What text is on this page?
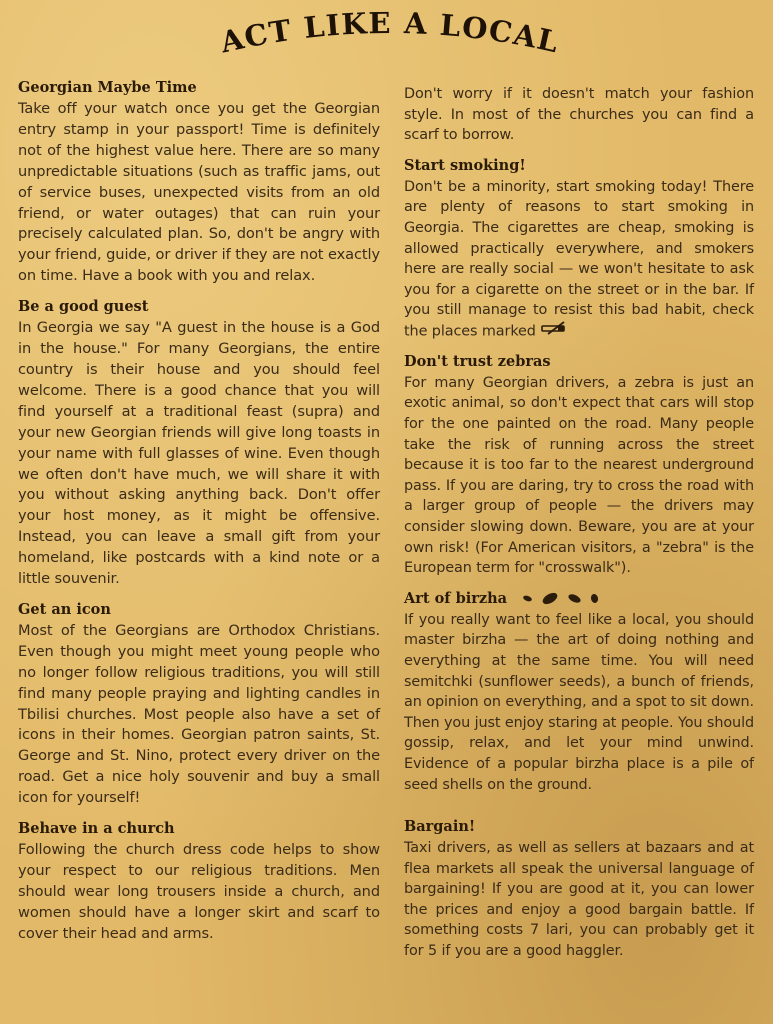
ACT LIKE A LOCAL
Georgian Maybe Time

Take off your watch once you get the Georgian entry stamp in your passport! Time is definitely not of the highest value here. There are so many unpredictable situations (such as traffic jams, out of service buses, unexpected visits from an old friend, or water outages) that can ruin your precisely calculated plan. So, don't be angry with your friend, guide, or driver if they are not exactly on time. Have a book with you and relax.

Be a good guest

In Georgia we say "A guest in the house is a God in the house." For many Georgians, the entire country is their house and you should feel welcome. There is a good chance that you will find yourself at a traditional feast (supra) and your new Georgian friends will give long toasts in your name with full glasses of wine. Even though we often don't have much, we will share it with you without asking anything back. Don't offer your host money, as it might be offensive. Instead, you can leave a small gift from your homeland, like postcards with a kind note or a little souvenir.

Get an icon

Most of the Georgians are Orthodox Christians. Even though you might meet young people who no longer follow religious traditions, you will still find many people praying and lighting candles in Tbilisi churches. Most people also have a set of icons in their homes. Georgian patron saints, St. George and St. Nino, protect every driver on the road. Get a nice holy souvenir and buy a small icon for yourself!

Behave in a church

Following the church dress code helps to show your respect to our religious traditions. Men should wear long trousers inside a church, and women should have a longer skirt and scarf to cover their head and arms.

Don't worry if it doesn't match your fashion style. In most of the churches you can find a scarf to borrow.

Start smoking!

Don't be a minority, start smoking today! There are plenty of reasons to start smoking in Georgia. The cigarettes are cheap, smoking is allowed practically everywhere, and smokers here are really social — we won't hesitate to ask you for a cigarette on the street or in the bar. If you still manage to resist this bad habit, check the places marked

Don't trust zebras

For many Georgian drivers, a zebra is just an exotic animal, so don't expect that cars will stop for the one painted on the road. Many people take the risk of running across the street because it is too far to the nearest underground pass. If you are daring, try to cross the road with a larger group of people — the drivers may consider slowing down. Beware, you are at your own risk! (For American visitors, a "zebra" is the European term for "crosswalk").

Art of birzha

If you really want to feel like a local, you should master birzha — the art of doing nothing and everything at the same time. You will need semitchki (sunflower seeds), a bunch of friends, an opinion on everything, and a spot to sit down. Then you just enjoy staring at people. You should gossip, relax, and let your mind unwind. Evidence of a popular birzha place is a pile of seed shells on the ground.

Bargain!

Taxi drivers, as well as sellers at bazaars and at flea markets all speak the universal language of bargaining! If you are good at it, you can lower the prices and enjoy a good bargain battle. If something costs 7 lari, you can probably get it for 5 if you are a good haggler.
